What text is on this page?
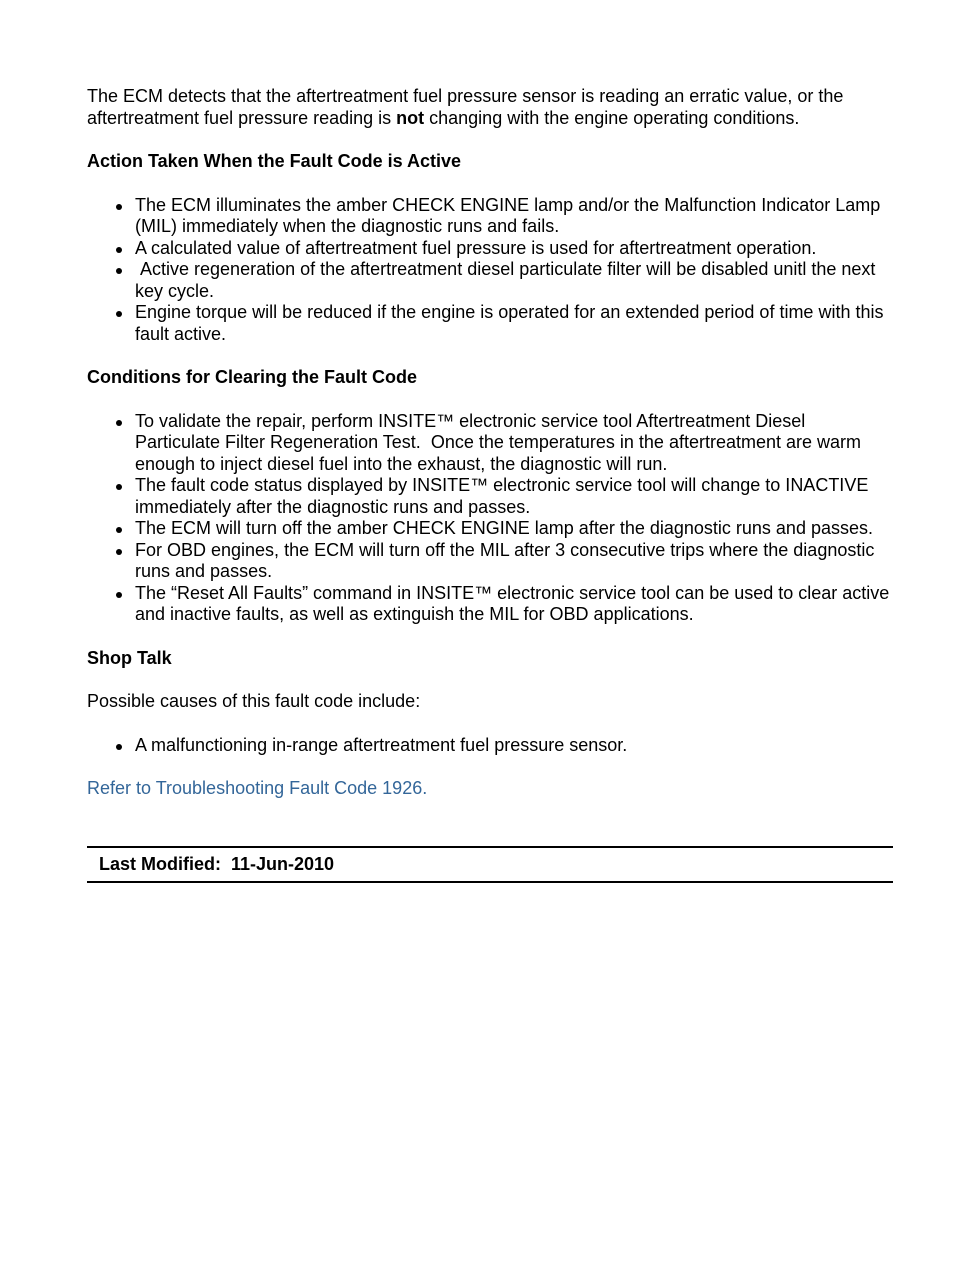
The ECM detects that the aftertreatment fuel pressure sensor is reading an erratic value, or the aftertreatment fuel pressure reading is not changing with the engine operating conditions.

Action Taken When the Fault Code is Active

The ECM illuminates the amber CHECK ENGINE lamp and/or the Malfunction Indicator Lamp (MIL) immediately when the diagnostic runs and fails.
A calculated value of aftertreatment fuel pressure is used for aftertreatment operation.
Active regeneration of the aftertreatment diesel particulate filter will be disabled unitl the next key cycle.
Engine torque will be reduced if the engine is operated for an extended period of time with this fault active.

Conditions for Clearing the Fault Code

To validate the repair, perform INSITE™ electronic service tool Aftertreatment Diesel Particulate Filter Regeneration Test.  Once the temperatures in the aftertreatment are warm enough to inject diesel fuel into the exhaust, the diagnostic will run.
The fault code status displayed by INSITE™ electronic service tool will change to INACTIVE immediately after the diagnostic runs and passes.
The ECM will turn off the amber CHECK ENGINE lamp after the diagnostic runs and passes.
For OBD engines, the ECM will turn off the MIL after 3 consecutive trips where the diagnostic runs and passes.
The “Reset All Faults” command in INSITE™ electronic service tool can be used to clear active and inactive faults, as well as extinguish the MIL for OBD applications.

Shop Talk

Possible causes of this fault code include:

A malfunctioning in-range aftertreatment fuel pressure sensor.
Refer to Troubleshooting Fault Code 1926.
Last Modified:  11-Jun-2010
